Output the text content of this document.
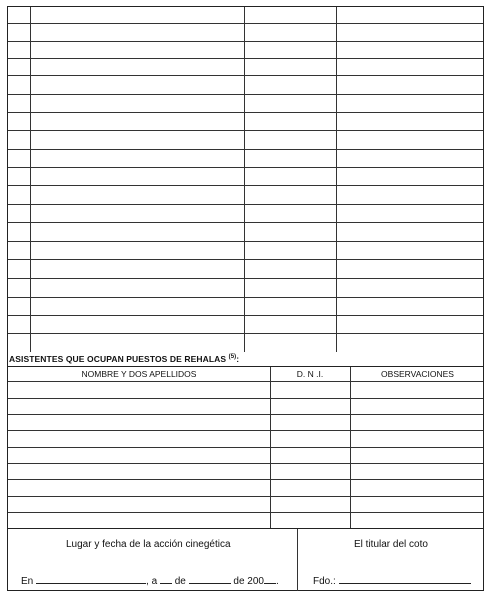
ASISTENTES QUE OCUPAN PUESTOS DE REHALAS $^{(5)}$:
NOMBRE Y DOS APELLIDOS	D. N .I.	OBSERVACIONES
Lugar y fecha de la acción cinegética	El titular del coto
En	, a de	de 200 .	Fdo.:
